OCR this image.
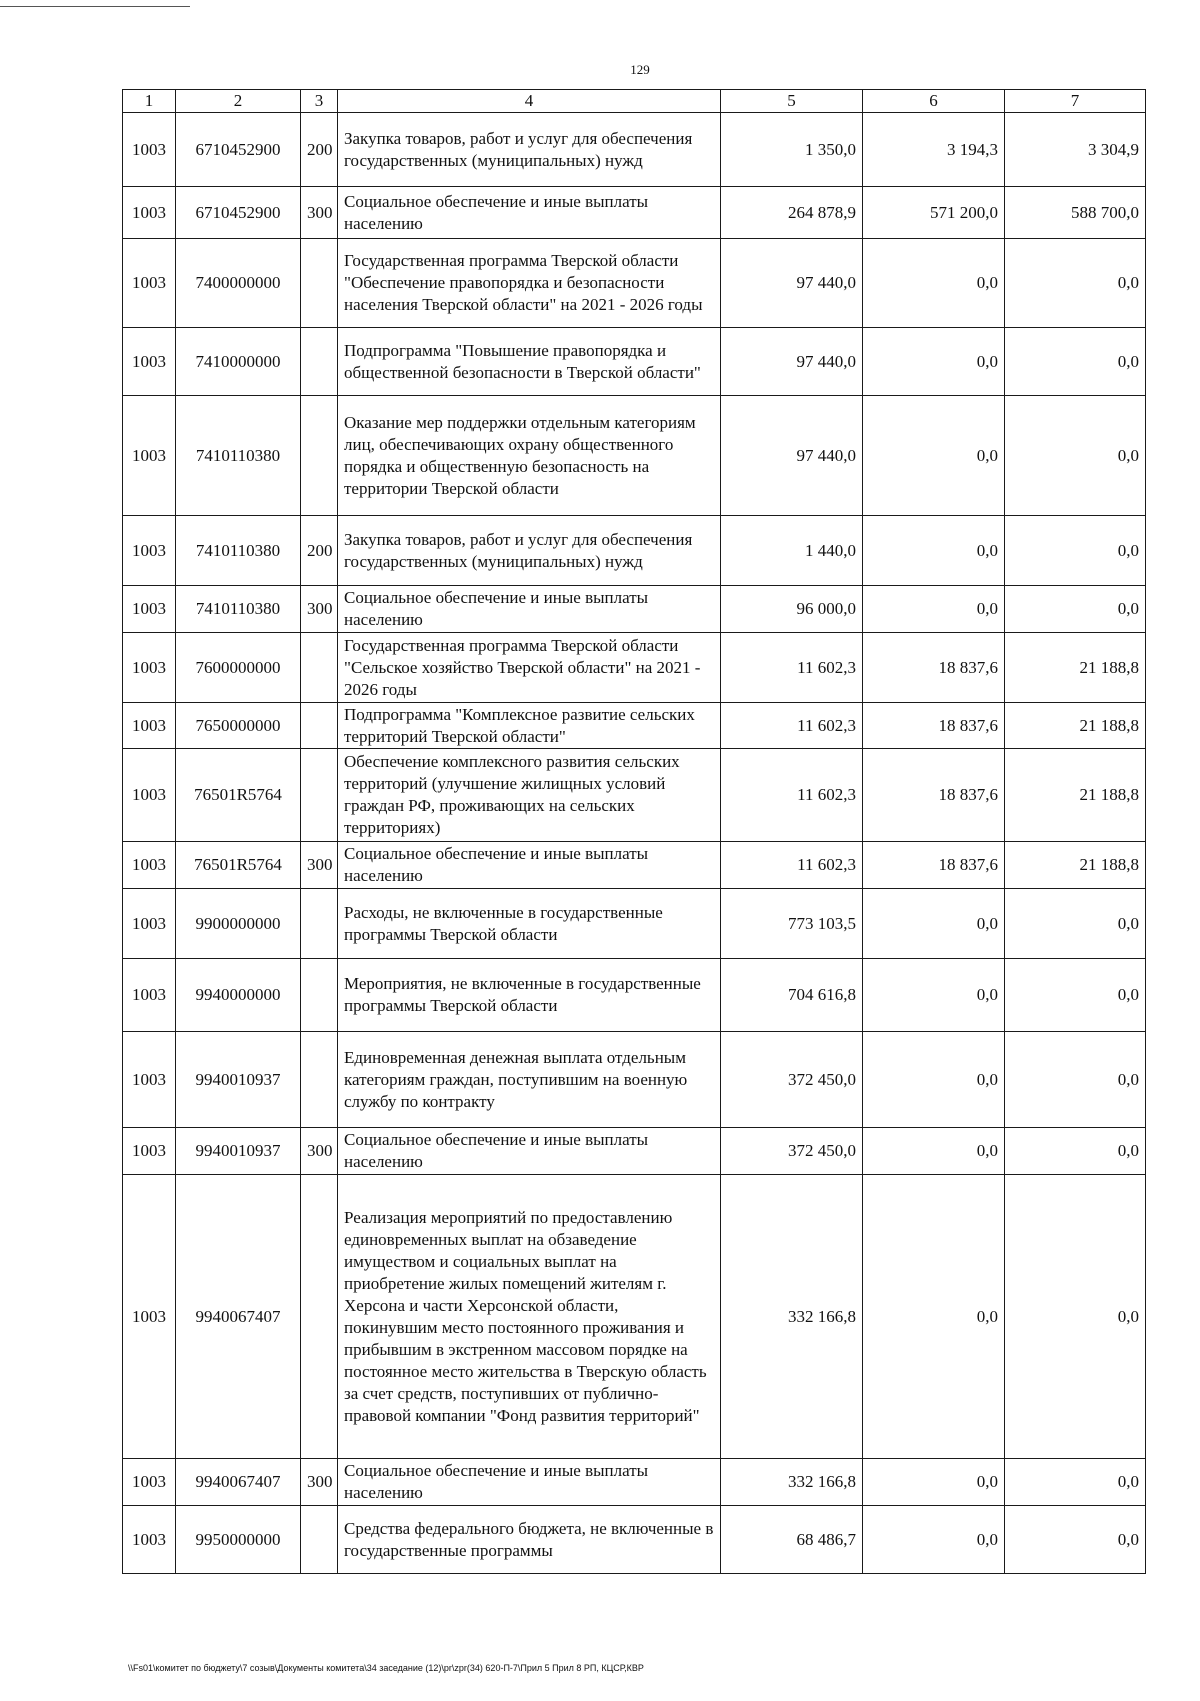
129
1	2	3	4	5	6	7
1003	6710452900	200	Закупка товаров, работ и услуг для обеспечения государственных (муниципальных) нужд	1 350,0	3 194,3	3 304,9
1003	6710452900	300	Социальное обеспечение и иные выплаты населению	264 878,9	571 200,0	588 700,0
1003	7400000000		Государственная программа Тверской области "Обеспечение правопорядка и безопасности населения Тверской области" на 2021 - 2026 годы	97 440,0	0,0	0,0
1003	7410000000		Подпрограмма "Повышение правопорядка и общественной безопасности в Тверской области"	97 440,0	0,0	0,0
1003	7410110380		Оказание мер поддержки отдельным категориям лиц, обеспечивающих охрану общественного порядка и общественную безопасность на территории Тверской области	97 440,0	0,0	0,0
1003	7410110380	200	Закупка товаров, работ и услуг для обеспечения государственных (муниципальных) нужд	1 440,0	0,0	0,0
1003	7410110380	300	Социальное обеспечение и иные выплаты населению	96 000,0	0,0	0,0
1003	7600000000		Государственная программа Тверской области "Сельское хозяйство Тверской области" на 2021 - 2026 годы	11 602,3	18 837,6	21 188,8
1003	7650000000		Подпрограмма "Комплексное развитие сельских территорий Тверской области"	11 602,3	18 837,6	21 188,8
1003	76501R5764		Обеспечение комплексного развития сельских территорий (улучшение жилищных условий граждан РФ, проживающих на сельских территориях)	11 602,3	18 837,6	21 188,8
1003	76501R5764	300	Социальное обеспечение и иные выплаты населению	11 602,3	18 837,6	21 188,8
1003	9900000000		Расходы, не включенные в государственные программы Тверской области	773 103,5	0,0	0,0
1003	9940000000		Мероприятия, не включенные в государственные программы Тверской области	704 616,8	0,0	0,0
1003	9940010937		Единовременная денежная выплата отдельным категориям граждан, поступившим на военную службу по контракту	372 450,0	0,0	0,0
1003	9940010937	300	Социальное обеспечение и иные выплаты населению	372 450,0	0,0	0,0
1003	9940067407		Реализация мероприятий по предоставлению единовременных выплат на обзаведение имуществом и социальных выплат на приобретение жилых помещений жителям г. Херсона и части Херсонской области, покинувшим место постоянного проживания и прибывшим в экстренном массовом порядке на постоянное место жительства в Тверскую область за счет средств, поступивших от публично-правовой компании "Фонд развития территорий"	332 166,8	0,0	0,0
1003	9940067407	300	Социальное обеспечение и иные выплаты населению	332 166,8	0,0	0,0
1003	9950000000		Средства федерального бюджета, не включенные в государственные программы	68 486,7	0,0	0,0
\\Fs01\комитет по бюджету\7 созыв\Документы комитета\34 заседание (12)\pr\zpr(34) 620-П-7\Прил 5 Прил 8 РП, КЦСР,КВР
